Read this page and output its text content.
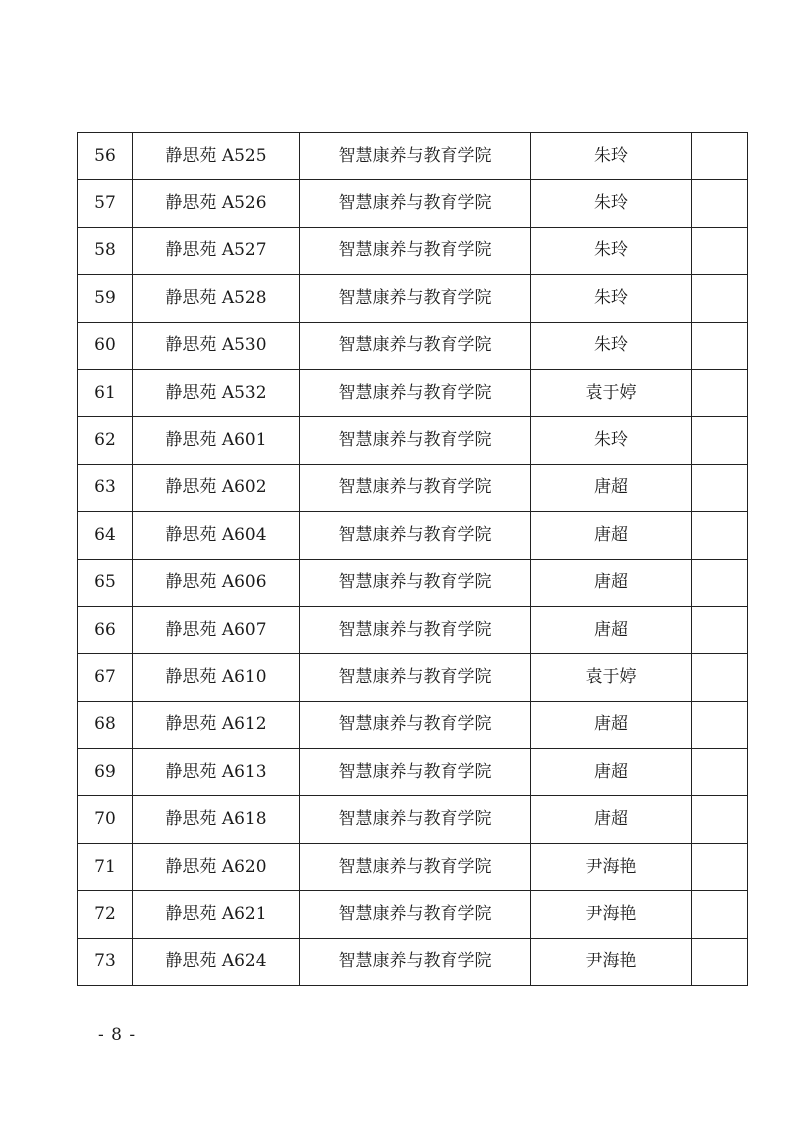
56	静思苑 A525	智慧康养与教育学院	朱玲	
57	静思苑 A526	智慧康养与教育学院	朱玲	
58	静思苑 A527	智慧康养与教育学院	朱玲	
59	静思苑 A528	智慧康养与教育学院	朱玲	
60	静思苑 A530	智慧康养与教育学院	朱玲	
61	静思苑 A532	智慧康养与教育学院	袁于婷	
62	静思苑 A601	智慧康养与教育学院	朱玲	
63	静思苑 A602	智慧康养与教育学院	唐超	
64	静思苑 A604	智慧康养与教育学院	唐超	
65	静思苑 A606	智慧康养与教育学院	唐超	
66	静思苑 A607	智慧康养与教育学院	唐超	
67	静思苑 A610	智慧康养与教育学院	袁于婷	
68	静思苑 A612	智慧康养与教育学院	唐超	
69	静思苑 A613	智慧康养与教育学院	唐超	
70	静思苑 A618	智慧康养与教育学院	唐超	
71	静思苑 A620	智慧康养与教育学院	尹海艳	
72	静思苑 A621	智慧康养与教育学院	尹海艳	
73	静思苑 A624	智慧康养与教育学院	尹海艳	
- 8 -
